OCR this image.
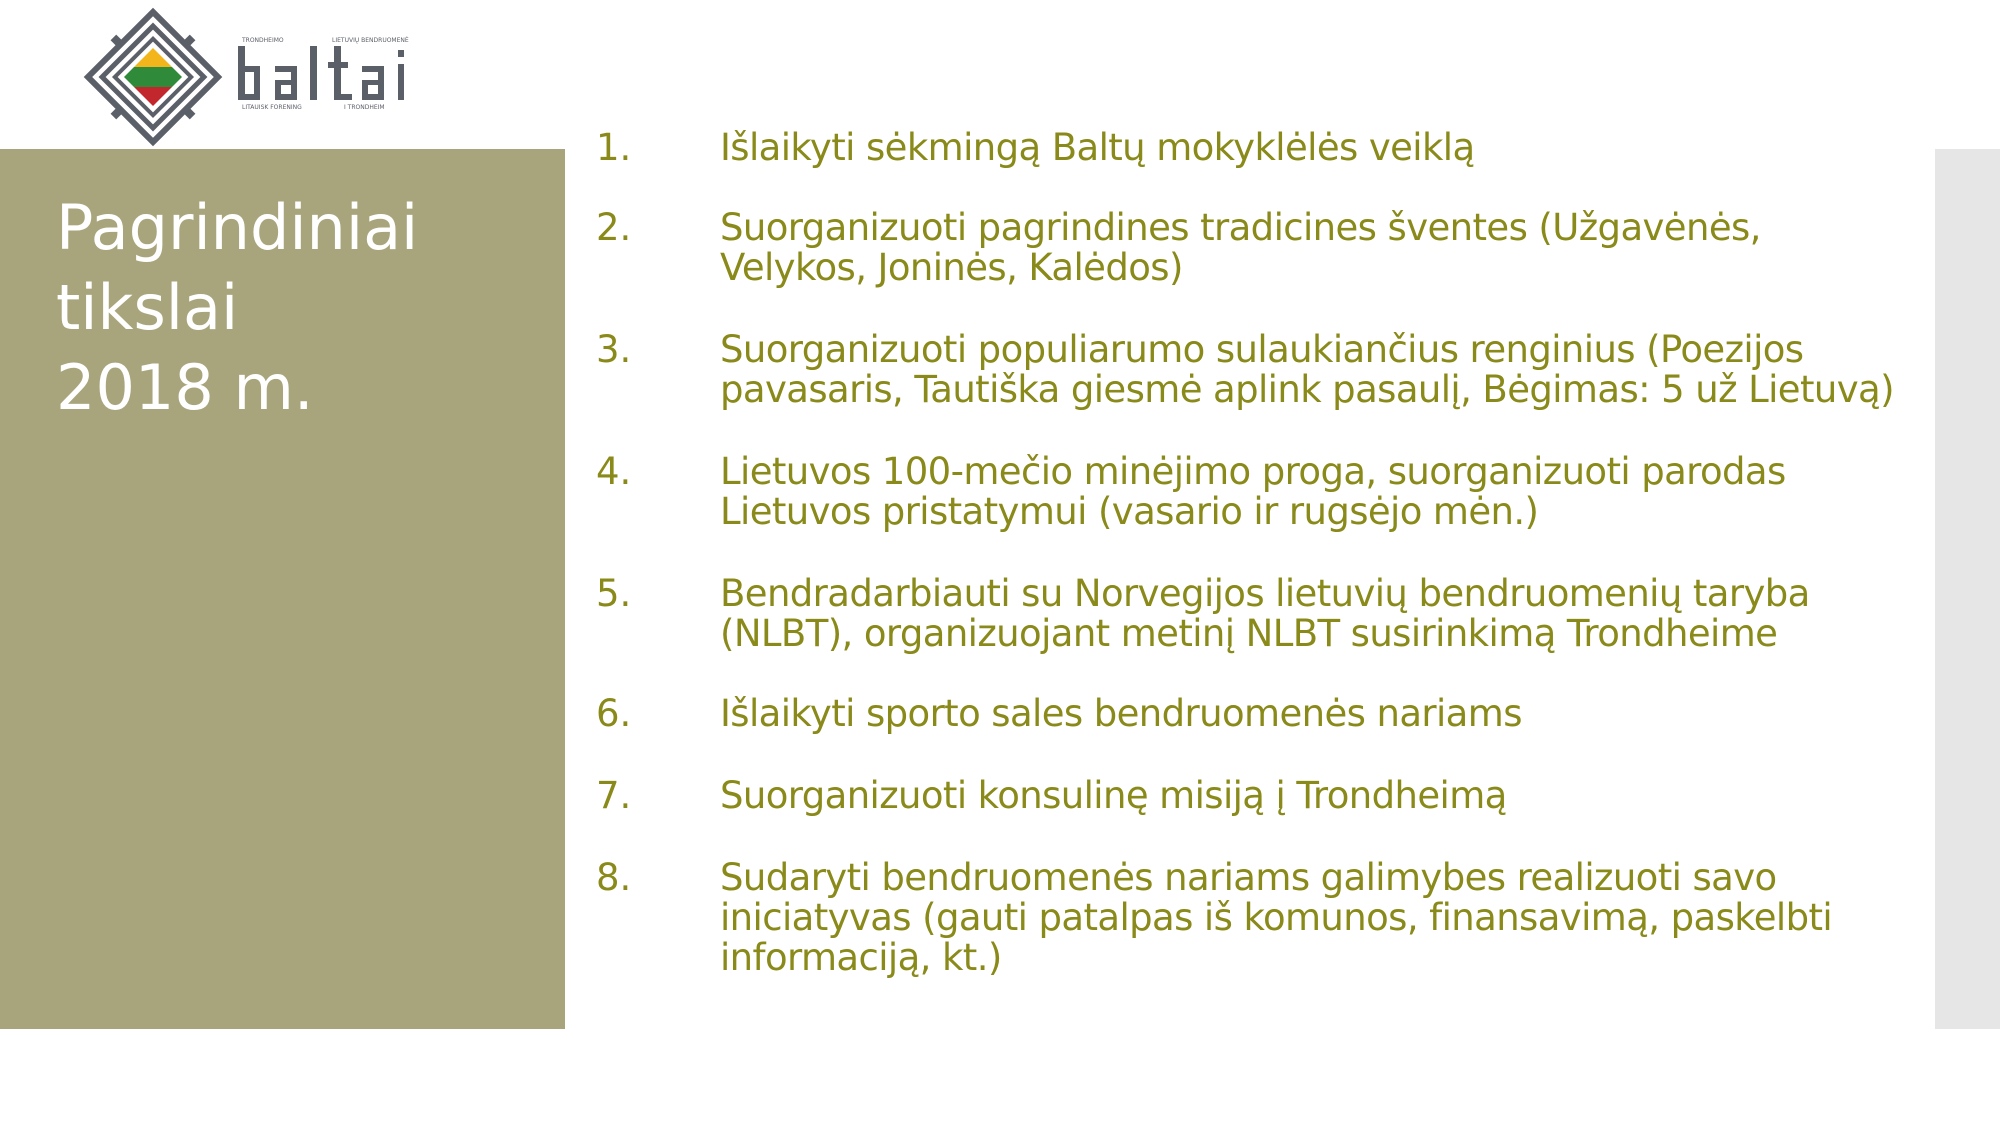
TRONDHEIMO	LIETUVIŲ BENDRUOMENĖ
LITAUISK FORENING	I TRONDHEIM
Pagrindiniai
tikslai
2018 m.
1.	Išlaikyti sėkmingą Baltų mokyklėlės veiklą
2.	Suorganizuoti pagrindines tradicines šventes (Užgavėnės,
Velykos, Joninės, Kalėdos)
3.	Suorganizuoti populiarumo sulaukiančius renginius (Poezijos
pavasaris, Tautiška giesmė aplink pasaulį, Bėgimas: 5 už Lietuvą)
4.	Lietuvos 100-mečio minėjimo proga, suorganizuoti parodas
Lietuvos pristatymui (vasario ir rugsėjo mėn.)
5.	Bendradarbiauti su Norvegijos lietuvių bendruomenių taryba
(NLBT), organizuojant metinį NLBT susirinkimą Trondheime
6.	Išlaikyti sporto sales bendruomenės nariams
7.	Suorganizuoti konsulinę misiją į Trondheimą
8.	Sudaryti bendruomenės nariams galimybes realizuoti savo
iniciatyvas (gauti patalpas iš komunos, finansavimą, paskelbti
informaciją, kt.)
